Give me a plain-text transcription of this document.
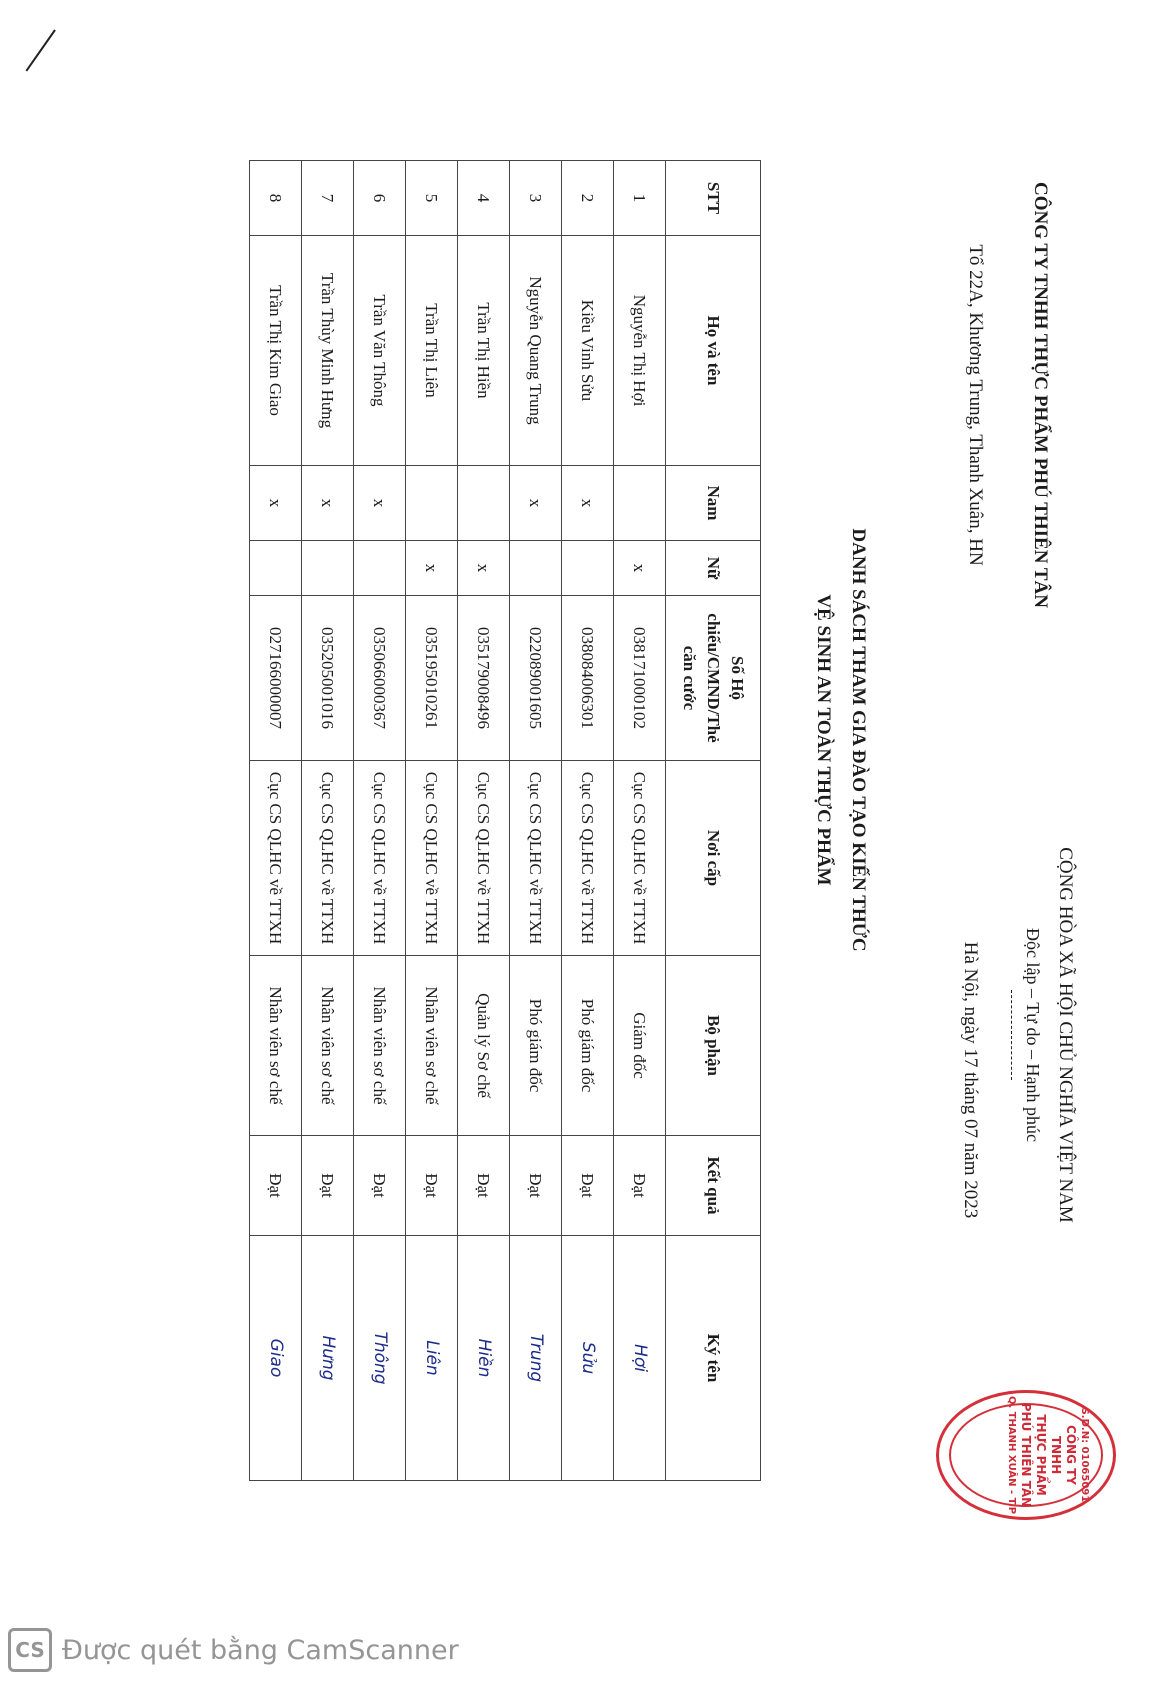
CÔNG TY TNHH THỰC PHẨM PHÚ THIÊN TÂN
Tổ 22A, Khương Trung, Thanh Xuân, HN
CỘNG HÒA XÃ HỘI CHỦ NGHĨA VIỆT NAM
Độc lập – Tự do – Hạnh phúc
Hà Nội, ngày 17 tháng 07 năm 2023
DANH SÁCH THAM GIA ĐÀO TẠO KIẾN THỨC
VỆ SINH AN TOÀN THỰC PHẨM
STT	Họ và tên	Nam	Nữ	Số Hộ chiếu/CMND/Thẻ căn cước	Nơi cấp	Bộ phận	Kết quả	Ký tên
1	Nguyễn Thị Hợi		x	038171000102	Cục CS QLHC về TTXH	Giám đốc	Đạt	Hợi
2	Kiều Vinh Sửu	x		038084006301	Cục CS QLHC về TTXH	Phó giám đốc	Đạt	Sửu
3	Nguyễn Quang Trung	x		022089001605	Cục CS QLHC về TTXH	Phó giám đốc	Đạt	Trung
4	Trần Thị Hiền		x	035179008496	Cục CS QLHC về TTXH	Quản lý Sơ chế	Đạt	Hiền
5	Trần Thị Liên		x	035195010261	Cục CS QLHC về TTXH	Nhân viên sơ chế	Đạt	Liên
6	Trần Văn Thông	x		035066000367	Cục CS QLHC về TTXH	Nhân viên sơ chế	Đạt	Thông
7	Trần Thùy Minh Hưng	x		035205001016	Cục CS QLHC về TTXH	Nhân viên sơ chế	Đạt	Hưng
8	Trần Thị Kim Giao	x		027166000007	Cục CS QLHC về TTXH	Nhân viên sơ chế	Đạt	Giao
M.S.D.N: 0106509146
CÔNG TY
TNHH
THỰC PHẨM
PHÚ THIÊN TÂN
Q. THANH XUÂN - T.P
CS Được quét bằng CamScanner
